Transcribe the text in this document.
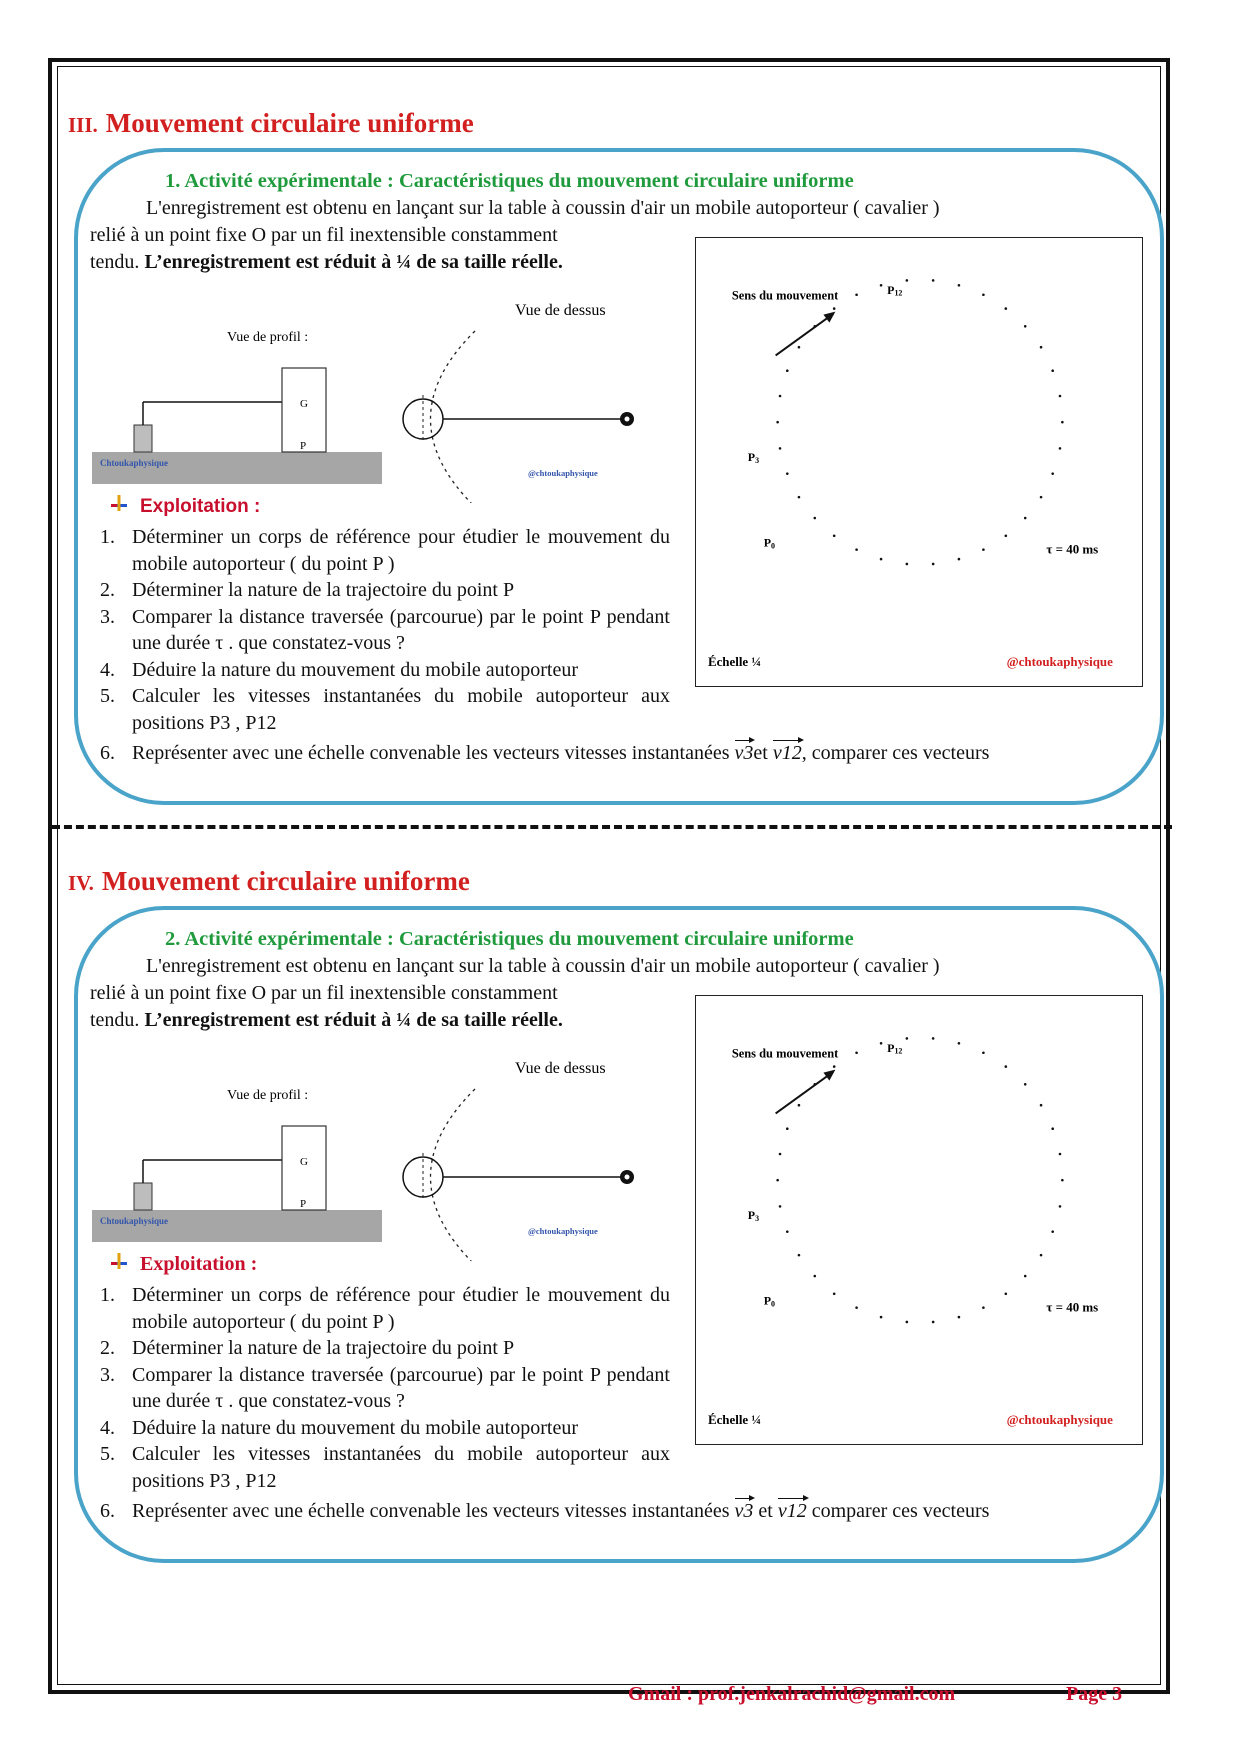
III. Mouvement circulaire uniforme
1. Activité expérimentale : Caractéristiques du mouvement circulaire uniforme
L'enregistrement est obtenu en lançant sur la table à coussin d'air un mobile autoporteur ( cavalier )
relié à un point fixe O par un fil inextensible constamment
tendu. L’enregistrement est réduit à ¼ de sa taille réelle.
Chtoukaphysique
G
P
Vue de profil :
Vue de dessus
@chtoukaphysique
Sens du mouvement	P12
P3
P0	τ = 40 ms
Échelle ¼	@chtoukaphysique
Exploitation :
1. Déterminer un corps de référence pour étudier le mouvement du mobile autoporteur ( du point P )
2. Déterminer la nature de la trajectoire du point P
3. Comparer la distance traversée (parcourue) par le point P pendant une durée τ . que constatez-vous ?
4. Déduire la nature du mouvement du mobile autoporteur
5. Calculer les vitesses instantanées du mobile autoporteur aux positions P3 , P12
6. Représenter avec une échelle convenable les vecteurs vitesses instantanées v3et v12, comparer ces vecteurs
IV. Mouvement circulaire uniforme
2. Activité expérimentale : Caractéristiques du mouvement circulaire uniforme
L'enregistrement est obtenu en lançant sur la table à coussin d'air un mobile autoporteur ( cavalier )
relié à un point fixe O par un fil inextensible constamment
tendu. L’enregistrement est réduit à ¼ de sa taille réelle.
Chtoukaphysique
G
P
Vue de profil :
Vue de dessus
@chtoukaphysique
Sens du mouvement	P12
P3
P0	τ = 40 ms
Échelle ¼	@chtoukaphysique
Exploitation :
1. Déterminer un corps de référence pour étudier le mouvement du mobile autoporteur ( du point P )
2. Déterminer la nature de la trajectoire du point P
3. Comparer la distance traversée (parcourue) par le point P pendant une durée τ . que constatez-vous ?
4. Déduire la nature du mouvement du mobile autoporteur
5. Calculer les vitesses instantanées du mobile autoporteur aux positions P3 , P12
6. Représenter avec une échelle convenable les vecteurs vitesses instantanées v3 et v12 comparer ces vecteurs
Gmail : prof.jenkalrachid@gmail.com	Page 3
